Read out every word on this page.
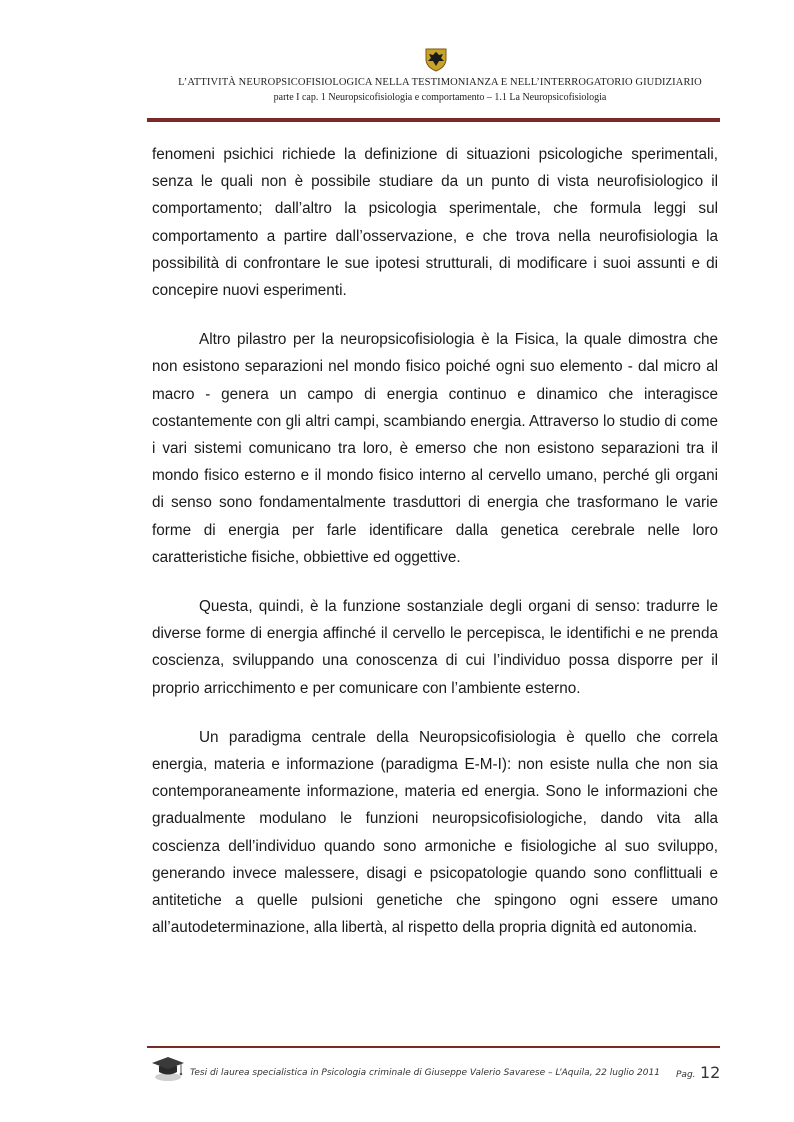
L’ATTIVITÀ NEUROPSICOFISIOLOGICA NELLA TESTIMONIANZA E NELL’INTERROGATORIO GIUDIZIARIO
parte I cap. 1 Neuropsicofisiologia e comportamento – 1.1 La Neuropsicofisiologia

fenomeni psichici richiede la definizione di situazioni psicologiche sperimentali, senza le quali non è possibile studiare da un punto di vista neurofisiologico il comportamento; dall’altro la psicologia sperimentale, che formula leggi sul comportamento a partire dall’osservazione, e che trova nella neurofisiologia la possibilità di confrontare le sue ipotesi strutturali, di modificare i suoi assunti e di concepire nuovi esperimenti.

Altro pilastro per la neuropsicofisiologia è la Fisica, la quale dimostra che non esistono separazioni nel mondo fisico poiché ogni suo elemento - dal micro al macro - genera un campo di energia continuo e dinamico che interagisce costantemente con gli altri campi, scambiando energia. Attraverso lo studio di come i vari sistemi comunicano tra loro, è emerso che non esistono separazioni tra il mondo fisico esterno e il mondo fisico interno al cervello umano, perché gli organi di senso sono fondamentalmente trasduttori di energia che trasformano le varie forme di energia per farle identificare dalla genetica cerebrale nelle loro caratteristiche fisiche, obbiettive ed oggettive.

Questa, quindi, è la funzione sostanziale degli organi di senso: tradurre le diverse forme di energia affinché il cervello le percepisca, le identifichi e ne prenda coscienza, sviluppando una conoscenza di cui l’individuo possa disporre per il proprio arricchimento e per comunicare con l’ambiente esterno.

Un paradigma centrale della Neuropsicofisiologia è quello che correla energia, materia e informazione (paradigma E-M-I): non esiste nulla che non sia contemporaneamente informazione, materia ed energia. Sono le informazioni che gradualmente modulano le funzioni neuropsicofisiologiche, dando vita alla coscienza dell’individuo quando sono armoniche e fisiologiche al suo sviluppo, generando invece malessere, disagi e psicopatologie quando sono conflittuali e antitetiche a quelle pulsioni genetiche che spingono ogni essere umano all’autodeterminazione, alla libertà, al rispetto della propria dignità ed autonomia.

Tesi di laurea specialistica in Psicologia criminale di Giuseppe Valerio Savarese – L’Aquila, 22 luglio 2011 Pag. 12
